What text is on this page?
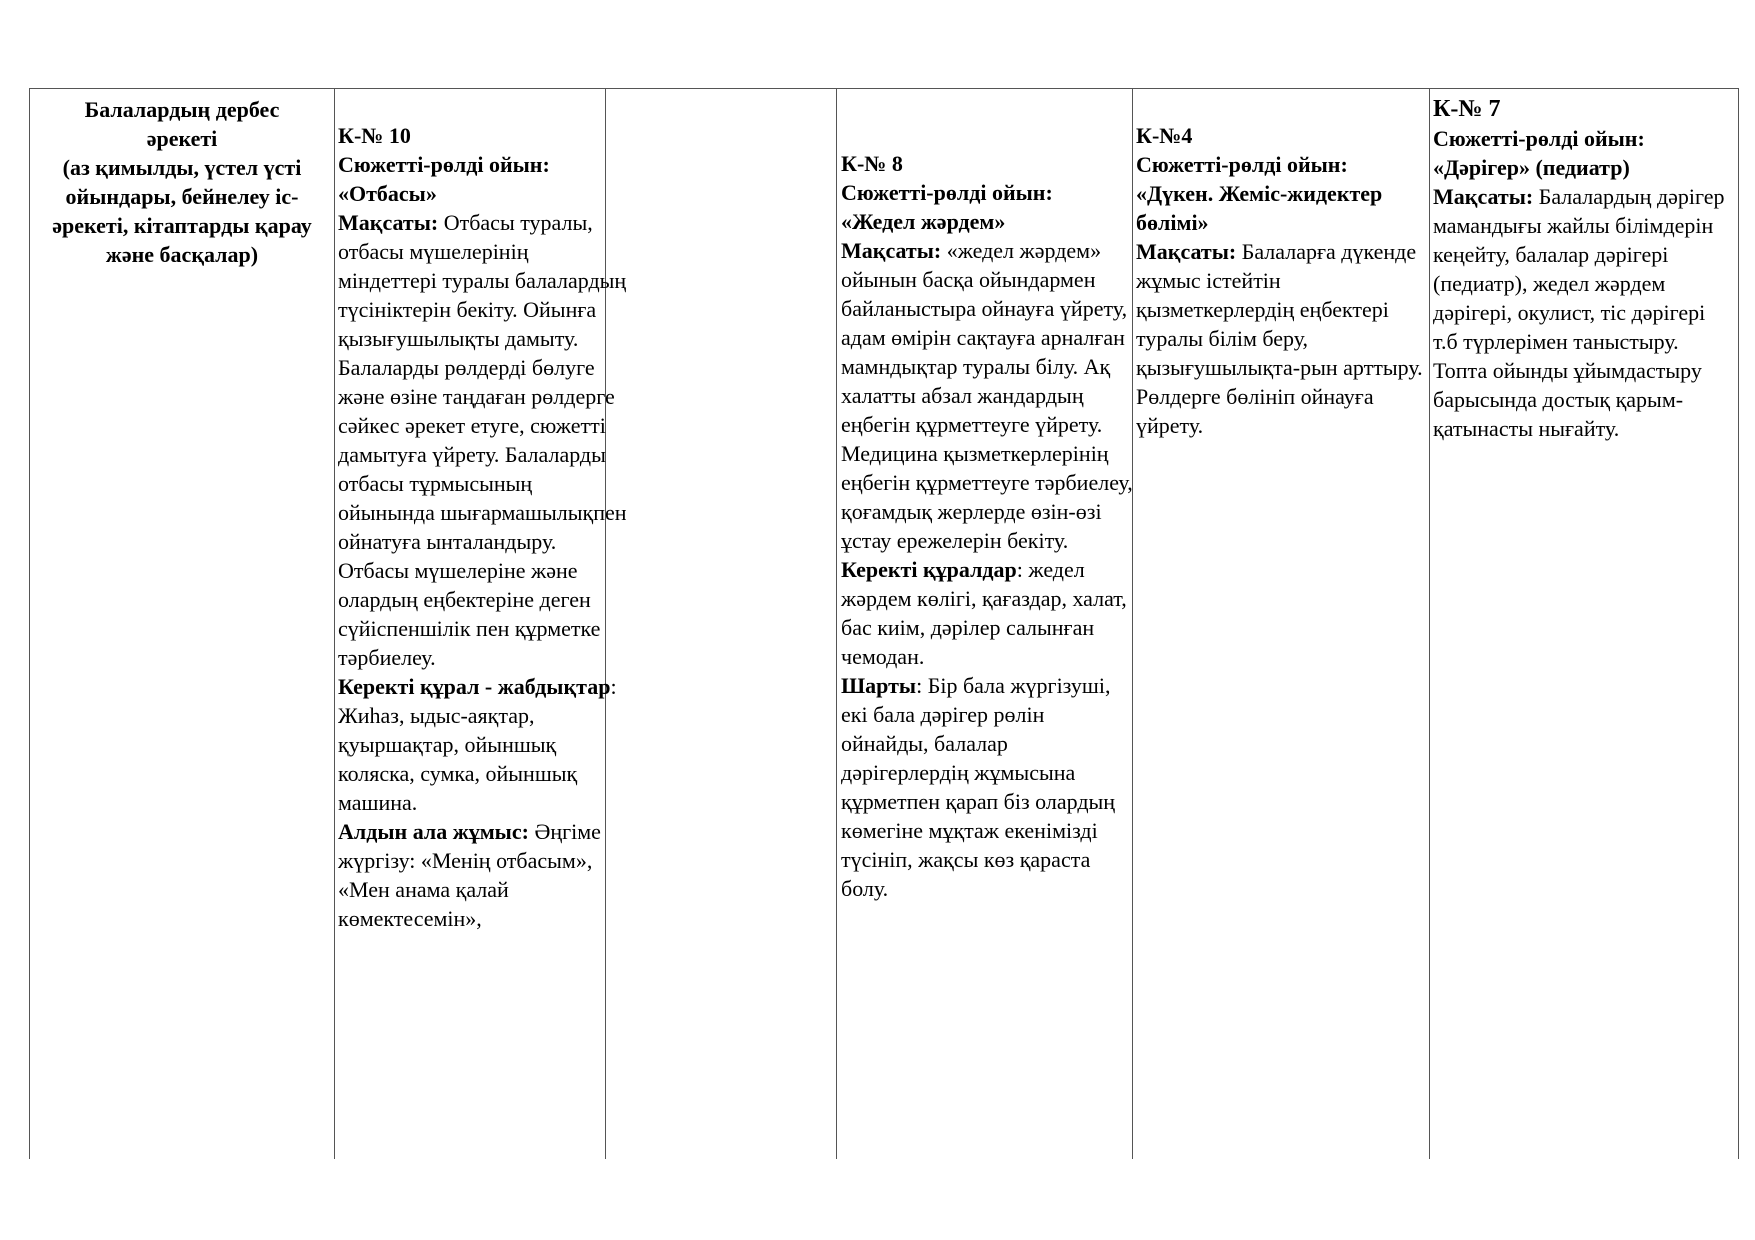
Балалардың дербес

әрекеті

(аз қимылды, үстел үсті ойындары, бейнелеу іс-әрекеті, кітаптарды қарау және басқалар)

К-№ 10

Сюжетті-рөлді ойын:

«Отбасы»

Мақсаты: Отбасы туралы, отбасы мүшелерінің міндеттері туралы балалардың түсініктерін бекіту. Ойынға қызығушылықты дамыту. Балаларды рөлдерді бөлуге және өзіне таңдаған рөлдерге сәйкес әрекет етуге, сюжетті дамытуға үйрету. Балаларды отбасы тұрмысының ойынында шығармашылықпен ойнатуға ынталандыру. Отбасы мүшелеріне және олардың еңбектеріне деген сүйіспеншілік пен құрметке тәрбиелеу.

Керекті құрал - жабдықтар: Жиһаз, ыдыс-аяқтар, қуыршақтар, ойыншық коляска, сумка, ойыншық машина.

Алдын ала жұмыс: Әңгіме жүргізу: «Менің отбасым», «Мен анама қалай көмектесемін»,

К-№ 8

Сюжетті-рөлді ойын:

«Жедел жәрдем»

Мақсаты: «жедел жәрдем» ойынын басқа ойындармен байланыстыра ойнауға үйрету, адам өмірін сақтауға арналған мамндықтар туралы білу. Ақ халатты абзал жандардың еңбегін құрметтеуге үйрету. Медицина қызметкерлерінің еңбегін құрметтеуге тәрбиелеу, қоғамдық жерлерде өзін-өзі ұстау ережелерін бекіту.

Керекті құралдар: жедел жәрдем көлігі, қағаздар, халат, бас киім, дәрілер салынған чемодан.

Шарты: Бір бала жүргізуші, екі бала дәрігер рөлін ойнайды, балалар дәрігерлердің жұмысына құрметпен қарап біз олардың көмегіне мұқтаж екенімізді түсініп, жақсы көз қараста болу.

К-№4

Сюжетті-рөлді ойын:

«Дүкен. Жеміс-жидектер бөлімі»

Мақсаты: Балаларға дүкенде жұмыс істейтін қызметкерлердің еңбектері туралы білім беру, қызығушылықта-рын арттыру. Рөлдерге бөлініп ойнауға үйрету.

К-№ 7

Сюжетті-рөлді ойын:

«Дәрігер» (педиатр)

Мақсаты: Балалардың дәрігер мамандығы жайлы білімдерін кеңейту, балалар дәрігері (педиатр), жедел жәрдем дәрігері, окулист, тіс дәрігері т.б түрлерімен таныстыру. Топта ойынды ұйымдастыру барысында достық қарым-қатынасты нығайту.
